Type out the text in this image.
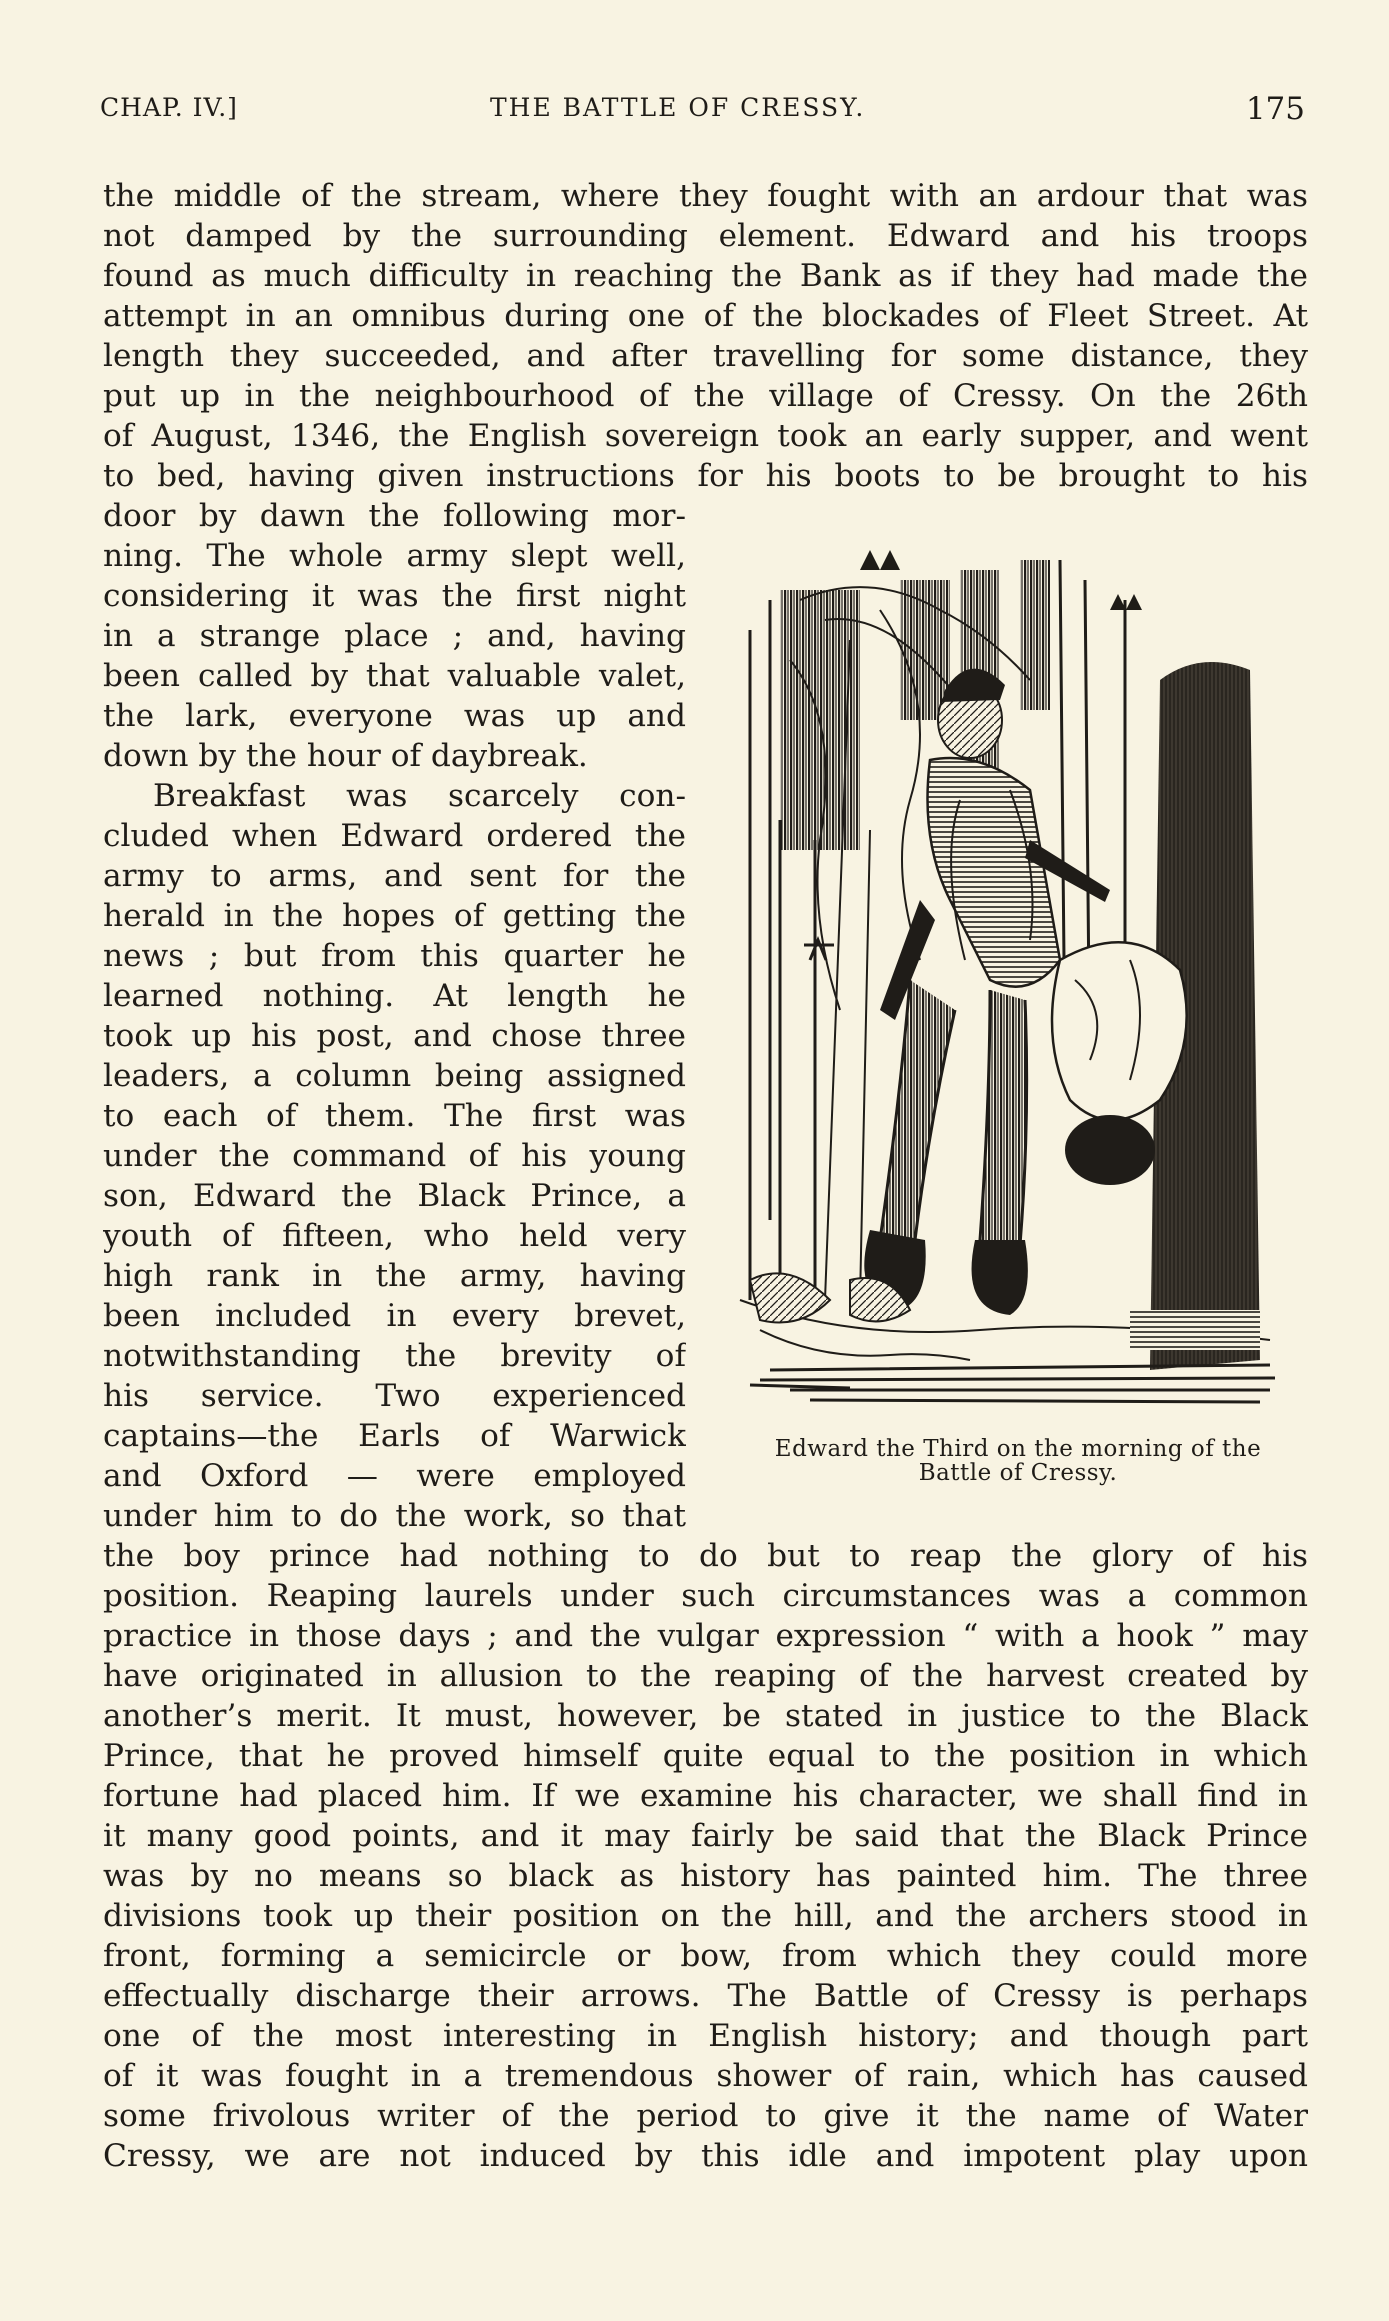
CHAP. IV.]	THE BATTLE OF CRESSY.	175
the middle of the stream, where they fought with an ardour that was
not damped by the surrounding element. Edward and his troops
found as much difficulty in reaching the Bank as if they had made the
attempt in an omnibus during one of the blockades of Fleet Street. At
length they succeeded, and after travelling for some distance, they
put up in the neighbourhood of the village of Cressy. On the 26th
of August, 1346, the English sovereign took an early supper, and went
to bed, having given instructions for his boots to be brought to his
door by dawn the following mor-
ning. The whole army slept well,
considering it was the first night
in a strange place ; and, having
been called by that valuable valet,
the lark, everyone was up and
down by the hour of daybreak.
Breakfast was scarcely con-
cluded when Edward ordered the
army to arms, and sent for the
herald in the hopes of getting the
news ; but from this quarter he
learned nothing. At length he
took up his post, and chose three
leaders, a column being assigned
to each of them. The first was
under the command of his young
son, Edward the Black Prince, a
youth of fifteen, who held very
high rank in the army, having
been included in every brevet,
notwithstanding the brevity of
his service. Two experienced
captains—the Earls of Warwick
and Oxford — were employed
under him to do the work, so that
the boy prince had nothing to do but to reap the glory of his
position. Reaping laurels under such circumstances was a common
practice in those days ; and the vulgar expression “ with a hook ” may
have originated in allusion to the reaping of the harvest created by
another’s merit. It must, however, be stated in justice to the Black
Prince, that he proved himself quite equal to the position in which
fortune had placed him. If we examine his character, we shall find in
it many good points, and it may fairly be said that the Black Prince
was by no means so black as history has painted him. The three
divisions took up their position on the hill, and the archers stood in
front, forming a semicircle or bow, from which they could more
effectually discharge their arrows. The Battle of Cressy is perhaps
one of the most interesting in English history; and though part
of it was fought in a tremendous shower of rain, which has caused
some frivolous writer of the period to give it the name of Water
Cressy, we are not induced by this idle and impotent play upon
Edward the Third on the morning of the
Battle of Cressy.
